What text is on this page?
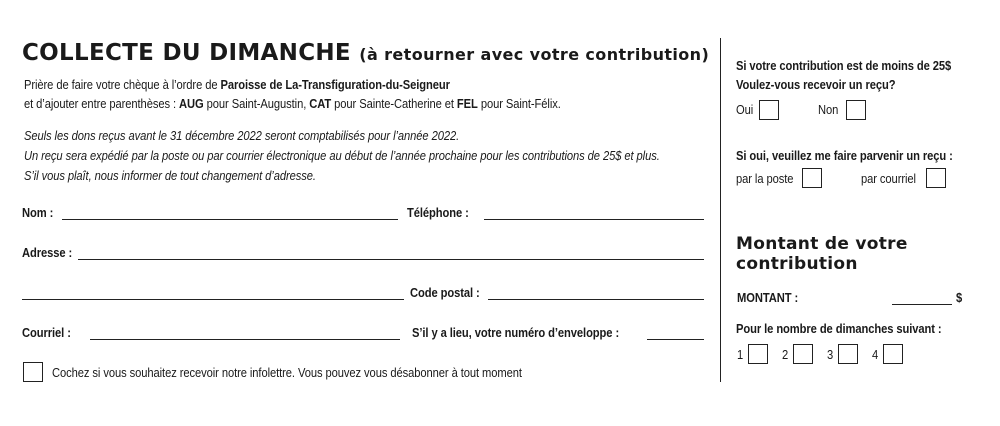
COLLECTE DU DIMANCHE (à retourner avec votre contribution)
Prière de faire votre chèque à l’ordre de Paroisse de La-Transfiguration-du-Seigneur
et d’ajouter entre parenthèses : AUG pour Saint-Augustin, CAT pour Sainte-Catherine et FEL pour Saint-Félix.
Seuls les dons reçus avant le 31 décembre 2022 seront comptabilisés pour l’année 2022.
Un reçu sera expédié par la poste ou par courrier électronique au début de l’année prochaine pour les contributions de 25$ et plus.
S’il vous plaît, nous informer de tout changement d’adresse.
Nom :	Téléphone :
Adresse :
Code postal :
Courriel :	S’il y a lieu, votre numéro d’enveloppe :
Cochez si vous souhaitez recevoir notre infolettre. Vous pouvez vous désabonner à tout moment
Si votre contribution est de moins de 25$
Voulez-vous recevoir un reçu?
Oui	Non
Si oui, veuillez me faire parvenir un reçu :
par la poste	par courriel
Montant de votre contribution
MONTANT :	$
Pour le nombre de dimanches suivant :
1	2	3	4
